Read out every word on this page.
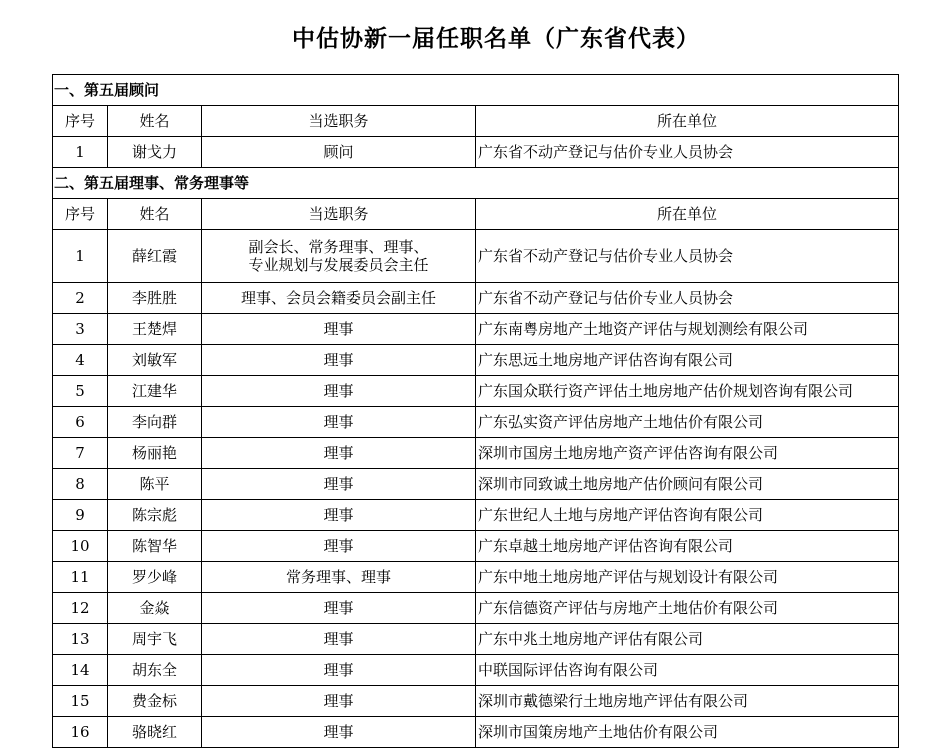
中估协新一届任职名单（广东省代表）
一、第五届顾问			
序号	姓名	当选职务	所在单位
1	谢戈力	顾问	广东省不动产登记与估价专业人员协会
二、第五届理事、常务理事等			
序号	姓名	当选职务	所在单位
1	薛红霞	副会长、常务理事、理事、
专业规划与发展委员会主任	广东省不动产登记与估价专业人员协会
2	李胜胜	理事、会员会籍委员会副主任	广东省不动产登记与估价专业人员协会
3	王楚焊	理事	广东南粤房地产土地资产评估与规划测绘有限公司
4	刘敏军	理事	广东思远土地房地产评估咨询有限公司
5	江建华	理事	广东国众联行资产评估土地房地产估价规划咨询有限公司
6	李向群	理事	广东弘实资产评估房地产土地估价有限公司
7	杨丽艳	理事	深圳市国房土地房地产资产评估咨询有限公司
8	陈平	理事	深圳市同致诚土地房地产估价顾问有限公司
9	陈宗彪	理事	广东世纪人土地与房地产评估咨询有限公司
10	陈智华	理事	广东卓越土地房地产评估咨询有限公司
11	罗少峰	常务理事、理事	广东中地土地房地产评估与规划设计有限公司
12	金焱	理事	广东信德资产评估与房地产土地估价有限公司
13	周宇飞	理事	广东中兆土地房地产评估有限公司
14	胡东全	理事	中联国际评估咨询有限公司
15	费金标	理事	深圳市戴德梁行土地房地产评估有限公司
16	骆晓红	理事	深圳市国策房地产土地估价有限公司
